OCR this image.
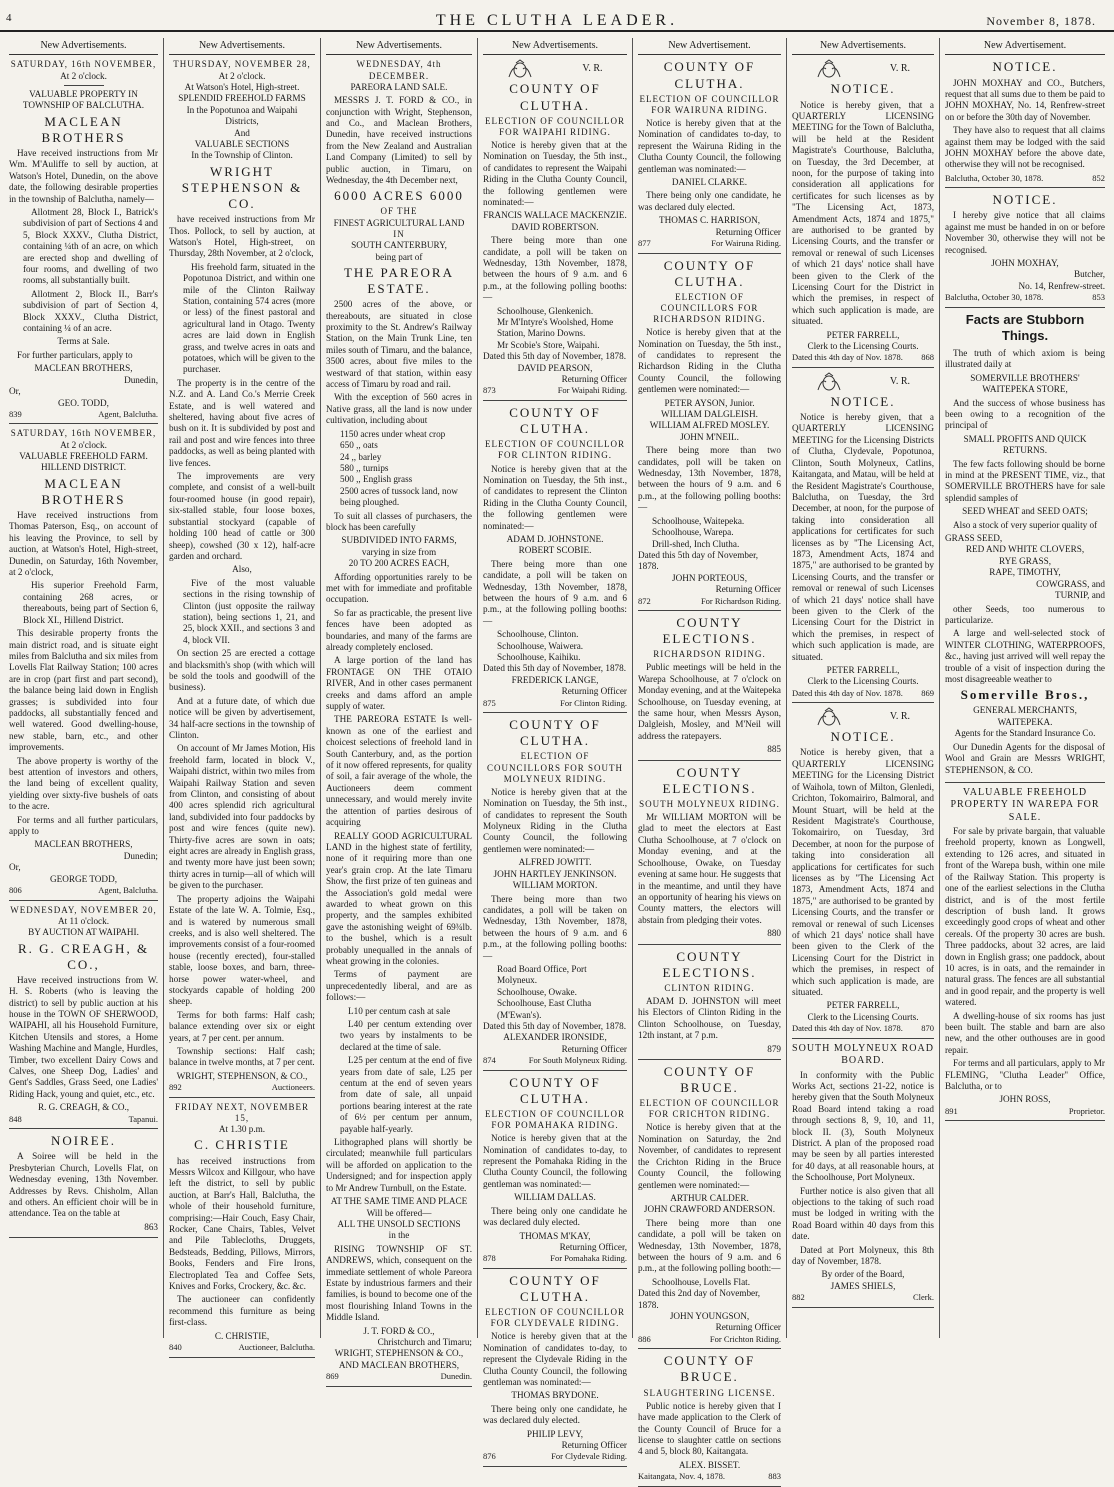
4	THE CLUTHA LEADER.	November 8, 1878.
New Advertisements.
SATURDAY, 16th NOVEMBER,
At 2 o'clock.
VALUABLE PROPERTY IN TOWNSHIP OF BALCLUTHA.
MACLEAN BROTHERS

Have received instructions from Mr Wm. M'Auliffe to sell by auction, at Watson's Hotel, Dunedin, on the above date, the following desirable properties in the township of Balclutha, namely—

Allotment 28, Block I., Batrick's subdivision of part of Sections 4 and 5, Block XXXV., Clutha District, containing ¼th of an acre, on which are erected shop and dwelling of four rooms, and dwelling of two rooms, all substantially built.

Allotment 2, Block II., Barr's subdivision of part of Section 4, Block XXXV., Clutha District, containing ¼ of an acre.

Terms at Sale.

For further particulars, apply to

MACLEAN BROTHERS,
Dunedin,
Or,
GEO. TODD,
839	Agent, Balclutha.
SATURDAY, 16th NOVEMBER,
At 2 o'clock.
VALUABLE FREEHOLD FARM.
HILLEND DISTRICT.
MACLEAN BROTHERS

Have received instructions from Thomas Paterson, Esq., on account of his leaving the Province, to sell by auction, at Watson's Hotel, High-street, Dunedin, on Saturday, 16th November, at 2 o'clock,

His superior Freehold Farm, containing 268 acres, or thereabouts, being part of Section 6, Block XI., Hillend District.

This desirable property fronts the main district road, and is situate eight miles from Balclutha and six miles from Lovells Flat Railway Station; 100 acres are in crop (part first and part second), the balance being laid down in English grasses; is subdivided into four paddocks, all substantially fenced and well watered. Good dwelling-house, new stable, barn, etc., and other improvements.

The above property is worthy of the best attention of investors and others, the land being of excellent quality, yielding over sixty-five bushels of oats to the acre.

For terms and all further particulars, apply to

MACLEAN BROTHERS,
Dunedin;
Or,
GEORGE TODD,
806	Agent, Balclutha.
WEDNESDAY, NOVEMBER 20,
At 11 o'clock.
BY AUCTION AT WAIPAHI.
R. G. CREAGH, & CO.,

Have received instructions from W. H. S. Roberts (who is leaving the district) to sell by public auction at his house in the TOWN OF SHERWOOD, WAIPAHI, all his Household Furniture, Kitchen Utensils and stores, a Home Washing Machine and Mangle, Hurdles, Timber, two excellent Dairy Cows and Calves, one Sheep Dog, Ladies' and Gent's Saddles, Grass Seed, one Ladies' Riding Hack, young and quiet, etc., etc.

R. G. CREAGH, & CO.,
848	Tapanui.
NOIREE.

A Soiree will be held in the Presbyterian Church, Lovells Flat, on Wednesday evening, 13th November. Addresses by Revs. Chisholm, Allan and others. An efficient choir will be in attendance. Tea on the table at

863
New Advertisements.
THURSDAY, NOVEMBER 28,
At 2 o'clock.
At Watson's Hotel, High-street.
SPLENDID FREEHOLD FARMS
In the Popotunoa and Waipahi Districts,
And
VALUABLE SECTIONS
In the Township of Clinton.
WRIGHT STEPHENSON & CO.

have received instructions from Mr Thos. Pollock, to sell by auction, at Watson's Hotel, High-street, on Thursday, 28th November, at 2 o'clock,

His freehold farm, situated in the Popotunoa District, and within one mile of the Clinton Railway Station, containing 574 acres (more or less) of the finest pastoral and agricultural land in Otago. Twenty acres are laid down in English grass, and twelve acres in oats and potatoes, which will be given to the purchaser.

The property is in the centre of the N.Z. and A. Land Co.'s Merrie Creek Estate, and is well watered and sheltered, having about five acres of bush on it. It is subdivided by post and rail and post and wire fences into three paddocks, as well as being planted with live fences.

The improvements are very complete, and consist of a well-built four-roomed house (in good repair), six-stalled stable, four loose boxes, substantial stockyard (capable of holding 100 head of cattle or 300 sheep), cowshed (30 x 12), half-acre garden and orchard.

Also,

Five of the most valuable sections in the rising township of Clinton (just opposite the railway station), being sections 1, 21, and 25, block XXII., and sections 3 and 4, block VII.

On section 25 are erected a cottage and blacksmith's shop (with which will be sold the tools and goodwill of the business).

And at a future date, of which due notice will be given by advertisement, 34 half-acre sections in the township of Clinton.

On account of Mr James Motion, His freehold farm, located in block V., Waipahi district, within two miles from Waipahi Railway Station and seven from Clinton, and consisting of about 400 acres splendid rich agricultural land, subdivided into four paddocks by post and wire fences (quite new). Thirty-five acres are sown in oats; eight acres are already in English grass, and twenty more have just been sown; thirty acres in turnip—all of which will be given to the purchaser.

The property adjoins the Waipahi Estate of the late W. A. Tolmie, Esq., and is watered by numerous small creeks, and is also well sheltered. The improvements consist of a four-roomed house (recently erected), four-stalled stable, loose boxes, and barn, three-horse power water-wheel, and stockyards capable of holding 200 sheep.

Terms for both farms: Half cash; balance extending over six or eight years, at 7 per cent. per annum.

Township sections: Half cash; balance in twelve months, at 7 per cent.

WRIGHT, STEPHENSON, & CO.,
892	Auctioneers.
FRIDAY NEXT, NOVEMBER 15,
At 1.30 p.m.
C. CHRISTIE

has received instructions from Messrs Wilcox and Killgour, who have left the district, to sell by public auction, at Barr's Hall, Balclutha, the whole of their household furniture, comprising:—Hair Couch, Easy Chair, Rocker, Cane Chairs, Tables, Velvet and Pile Tablecloths, Druggets, Bedsteads, Bedding, Pillows, Mirrors, Books, Fenders and Fire Irons, Electroplated Tea and Coffee Sets, Knives and Forks, Crockery, &c. &c.

The auctioneer can confidently recommend this furniture as being first-class.

C. CHRISTIE,
840	Auctioneer, Balclutha.
New Advertisements.
WEDNESDAY, 4th DECEMBER.
PAREORA LAND SALE.

MESSRS J. T. FORD & CO., in conjunction with Wright, Stephenson, and Co., and Maclean Brothers, Dunedin, have received instructions from the New Zealand and Australian Land Company (Limited) to sell by public auction, in Timaru, on Wednesday, the 4th December next,

6000 ACRES 6000
OF THE
FINEST AGRICULTURAL LAND
IN
SOUTH CANTERBURY,
being part of
THE PAREORA ESTATE.

2500 acres of the above, or thereabouts, are situated in close proximity to the St. Andrew's Railway Station, on the Main Trunk Line, ten miles south of Timaru, and the balance, 3500 acres, about five miles to the westward of that station, within easy access of Timaru by road and rail.

With the exception of 560 acres in Native grass, all the land is now under cultivation, including about

1150 acres under wheat crop
650 ,, oats
24 ,, barley
580 ,, turnips
500 ,, English grass
2500 acres of tussock land, now being ploughed.

To suit all classes of purchasers, the block has been carefully

SUBDIVIDED INTO FARMS,
varying in size from
20 TO 200 ACRES EACH,

Affording opportunities rarely to be met with for immediate and profitable occupation.

So far as practicable, the present live fences have been adopted as boundaries, and many of the farms are already completely enclosed.

A large portion of the land has FRONTAGE ON THE OTAIO RIVER, And in other cases permanent creeks and dams afford an ample supply of water.

THE PAREORA ESTATE Is well-known as one of the earliest and choicest selections of freehold land in South Canterbury, and, as the portion of it now offered represents, for quality of soil, a fair average of the whole, the Auctioneers deem comment unnecessary, and would merely invite the attention of parties desirous of acquiring

REALLY GOOD AGRICULTURAL LAND in the highest state of fertility, none of it requiring more than one year's grain crop. At the late Timaru Show, the first prize of ten guineas and the Association's gold medal were awarded to wheat grown on this property, and the samples exhibited gave the astonishing weight of 69¾lb. to the bushel, which is a result probably unequalled in the annals of wheat growing in the colonies.

Terms of payment are unprecedentedly liberal, and are as follows:—

L10 per centum cash at sale

L40 per centum extending over two years by instalments to be declared at the time of sale.

L25 per centum at the end of five years from date of sale, L25 per centum at the end of seven years from date of sale, all unpaid portions bearing interest at the rate of 6½ per centum per annum, payable half-yearly.

Lithographed plans will shortly be circulated; meanwhile full particulars will be afforded on application to the Undersigned; and for inspection apply to Mr Andrew Turnbull, on the Estate.

AT THE SAME TIME AND PLACE
Will be offered—
ALL THE UNSOLD SECTIONS
in the

RISING TOWNSHIP OF ST. ANDREWS, which, consequent on the immediate settlement of whole Pareora Estate by industrious farmers and their families, is bound to become one of the most flourishing Inland Towns in the Middle Island.

J. T. FORD & CO.,
Christchurch and Timaru;
WRIGHT, STEPHENSON & CO.,
AND MACLEAN BROTHERS,
869	Dunedin.
New Advertisements.
V. R.
COUNTY OF CLUTHA.
ELECTION OF COUNCILLOR FOR WAIPAHI RIDING.

Notice is hereby given that at the Nomination on Tuesday, the 5th inst., of candidates to represent the Waipahi Riding in the Clutha County Council, the following gentlemen were nominated:—

FRANCIS WALLACE MACKENZIE.
DAVID ROBERTSON.

There being more than one candidate, a poll will be taken on Wednesday, 13th November, 1878, between the hours of 9 a.m. and 6 p.m., at the following polling booths:—

Schoolhouse, Glenkenich.
Mr M'Intyre's Woolshed, Home Station, Marino Downs.
Mr Scobie's Store, Waipahi.
Dated this 5th day of November, 1878.
DAVID PEARSON,
Returning Officer
873	For Waipahi Riding.
COUNTY OF CLUTHA.
ELECTION OF COUNCILLOR FOR CLINTON RIDING.

Notice is hereby given that at the Nomination on Tuesday, the 5th inst., of candidates to represent the Clinton Riding in the Clutha County Council, the following gentlemen were nominated:—

ADAM D. JOHNSTONE.
ROBERT SCOBIE.

There being more than one candidate, a poll will be taken on Wednesday, 13th November, 1878, between the hours of 9 a.m. and 6 p.m., at the following polling booths:—

Schoolhouse, Clinton.
Schoolhouse, Waiwera.
Schoolhouse, Kaihiku.
Dated this 5th day of November, 1878.
FREDERICK LANGE,
Returning Officer
875	For Clinton Riding.
COUNTY OF CLUTHA.
ELECTION OF COUNCILLORS FOR SOUTH MOLYNEUX RIDING.

Notice is hereby given that at the Nomination on Tuesday, the 5th inst., of candidates to represent the South Molyneux Riding in the Clutha County Council, the following gentlemen were nominated:—

ALFRED JOWITT.
JOHN HARTLEY JENKINSON.
WILLIAM MORTON.

There being more than two candidates, a poll will be taken on Wednesday, 13th November, 1878, between the hours of 9 a.m. and 6 p.m., at the following polling booths:—

Road Board Office, Port Molyneux.
Schoolhouse, Owake.
Schoolhouse, East Clutha (M'Ewan's).
Dated this 5th day of November, 1878.
ALEXANDER IRONSIDE,
Returning Officer
874	For South Molyneux Riding.
COUNTY OF CLUTHA.
ELECTION OF COUNCILLOR FOR POMAHAKA RIDING.

Notice is hereby given that at the Nomination of candidates to-day, to represent the Pomahaka Riding in the Clutha County Council, the following gentleman was nominated:—

WILLIAM DALLAS.

There being only one candidate he was declared duly elected.

THOMAS M'KAY,
Returning Officer,
878	For Pomahaka Riding.
COUNTY OF CLUTHA.
ELECTION OF COUNCILLOR FOR CLYDEVALE RIDING.

Notice is hereby given that at the Nomination of candidates to-day, to represent the Clydevale Riding in the Clutha County Council, the following gentleman was nominated:—

THOMAS BRYDONE.

There being only one candidate, he was declared duly elected.

PHILIP LEVY,
Returning Officer
876	For Clydevale Riding.
New Advertisement.
COUNTY OF CLUTHA.
ELECTION OF COUNCILLOR FOR WAIRUNA RIDING.

Notice is hereby given that at the Nomination of candidates to-day, to represent the Wairuna Riding in the Clutha County Council, the following gentleman was nominated:—

DANIEL CLARKE.

There being only one candidate, he was declared duly elected.

THOMAS C. HARRISON,
Returning Officer
877	For Wairuna Riding.
COUNTY OF CLUTHA.
ELECTION OF COUNCILLORS FOR RICHARDSON RIDING.

Notice is hereby given that at the Nomination on Tuesday, the 5th inst., of candidates to represent the Richardson Riding in the Clutha County Council, the following gentlemen were nominated:—

PETER AYSON, Junior.
WILLIAM DALGLEISH.
WILLIAM ALFRED MOSLEY.
JOHN M'NEIL.

There being more than two candidates, poll will be taken on Wednesday, 13th November, 1878, between the hours of 9 a.m. and 6 p.m., at the following polling booths:—

Schoolhouse, Waitepeka.
Schoolhouse, Warepa.
Drill-shed, Inch Clutha.
Dated this 5th day of November, 1878.
JOHN PORTEOUS,
Returning Officer
872	For Richardson Riding.
COUNTY ELECTIONS.
RICHARDSON RIDING.

Public meetings will be held in the Warepa Schoolhouse, at 7 o'clock on Monday evening, and at the Waitepeka Schoolhouse, on Tuesday evening, at the same hour, when Messrs Ayson, Dalgleish, Mosley, and M'Neil will address the ratepayers.

885
COUNTY ELECTIONS.
SOUTH MOLYNEUX RIDING.

Mr WILLIAM MORTON will be glad to meet the electors at East Clutha Schoolhouse, at 7 o'clock on Monday evening, and at the Schoolhouse, Owake, on Tuesday evening at same hour. He suggests that in the meantime, and until they have an opportunity of hearing his views on County matters, the electors will abstain from pledging their votes.

880
COUNTY ELECTIONS.
CLINTON RIDING.

ADAM D. JOHNSTON will meet his Electors of Clinton Riding in the Clinton Schoolhouse, on Tuesday, 12th instant, at 7 p.m.

879
COUNTY OF BRUCE.
ELECTION OF COUNCILLOR FOR CRICHTON RIDING.

Notice is hereby given that at the Nomination on Saturday, the 2nd November, of candidates to represent the Crichton Riding in the Bruce County Council, the following gentlemen were nominated:—

ARTHUR CALDER.
JOHN CRAWFORD ANDERSON.

There being more than one candidate, a poll will be taken on Wednesday, 13th November, 1878, between the hours of 9 a.m. and 6 p.m., at the following polling booth:—

Schoolhouse, Lovells Flat.
Dated this 2nd day of November, 1878.
JOHN YOUNGSON,
Returning Officer
886	For Crichton Riding.
COUNTY OF BRUCE.
SLAUGHTERING LICENSE.

Public notice is hereby given that I have made application to the Clerk of the County Council of Bruce for a license to slaughter cattle on sections 4 and 5, block 80, Kaitangata.

ALEX. BISSET.
Kaitangata, Nov. 4, 1878.	883
New Advertisements.
V. R.
NOTICE.

Notice is hereby given, that a QUARTERLY LICENSING MEETING for the Town of Balclutha, will be held at the Resident Magistrate's Courthouse, Balclutha, on Tuesday, the 3rd December, at noon, for the purpose of taking into consideration all applications for certificates for such licenses as by "The Licensing Act, 1873, Amendment Acts, 1874 and 1875," are authorised to be granted by Licensing Courts, and the transfer or removal or renewal of such Licenses of which 21 days' notice shall have been given to the Clerk of the Licensing Court for the District in which the premises, in respect of which such application is made, are situated.

PETER FARRELL,
Clerk to the Licensing Courts.
Dated this 4th day of Nov. 1878. 868
V. R.
NOTICE.

Notice is hereby given, that a QUARTERLY LICENSING MEETING for the Licensing Districts of Clutha, Clydevale, Popotunoa, Clinton, South Molyneux, Catlins, Kaitangata, and Matau, will be held at the Resident Magistrate's Courthouse, Balclutha, on Tuesday, the 3rd December, at noon, for the purpose of taking into consideration all applications for certificates for such licenses as by "The Licensing Act, 1873, Amendment Acts, 1874 and 1875," are authorised to be granted by Licensing Courts, and the transfer or removal or renewal of such Licenses of which 21 days' notice shall have been given to the Clerk of the Licensing Court for the District in which the premises, in respect of which such application is made, are situated.

PETER FARRELL,
Clerk to the Licensing Courts.
Dated this 4th day of Nov. 1878. 869
V. R.
NOTICE.

Notice is hereby given, that a QUARTERLY LICENSING MEETING for the Licensing District of Waihola, town of Milton, Glenledi, Crichton, Tokomairiro, Balmoral, and Mount Stuart, will be held at the Resident Magistrate's Courthouse, Tokomairiro, on Tuesday, 3rd December, at noon for the purpose of taking into consideration all applications for certificates for such licenses as by "The Licensing Act 1873, Amendment Acts, 1874 and 1875," are authorised to be granted by Licensing Courts, and the transfer or removal or renewal of such Licenses of which 21 days' notice shall have been given to the Clerk of the Licensing Court for the District in which the premises, in respect of which such application is made, are situated.

PETER FARRELL,
Clerk to the Licensing Courts.
Dated this 4th day of Nov. 1878. 870
SOUTH MOLYNEUX ROAD BOARD.

In conformity with the Public Works Act, sections 21-22, notice is hereby given that the South Molyneux Road Board intend taking a road through sections 8, 9, 10, and 11, block II. (3), South Molyneux District. A plan of the proposed road may be seen by all parties interested for 40 days, at all reasonable hours, at the Schoolhouse, Port Molyneux.

Further notice is also given that all objections to the taking of such road must be lodged in writing with the Road Board within 40 days from this date.

Dated at Port Molyneux, this 8th day of November, 1878.

By order of the Board,
JAMES SHIELS,
882	Clerk.
New Advertisement.
NOTICE.

JOHN MOXHAY and CO., Butchers, request that all sums due to them be paid to JOHN MOXHAY, No. 14, Renfrew-street on or before the 30th day of November.

They have also to request that all claims against them may be lodged with the said JOHN MOXHAY before the above date, otherwise they will not be recognised.

Balclutha, October 30, 1878.	852
NOTICE.

I hereby give notice that all claims against me must be handed in on or before November 30, otherwise they will not be recognised.

JOHN MOXHAY,
Butcher,
No. 14, Renfrew-street.
Balclutha, October 30, 1878.	853
Facts are Stubborn Things.

The truth of which axiom is being illustrated daily at

SOMERVILLE BROTHERS'
WAITEPEKA STORE,

And the success of whose business has been owing to a recognition of the principal of

SMALL PROFITS AND QUICK RETURNS.

The few facts following should be borne in mind at the PRESENT TIME, viz., that SOMERVILLE BROTHERS have for sale splendid samples of

SEED WHEAT and SEED OATS;

Also a stock of very superior quality of

GRASS SEED,
RED AND WHITE CLOVERS,
RYE GRASS,
RAPE, TIMOTHY,
COWGRASS, and
TURNIP, and

other Seeds, too numerous to particularize.

A large and well-selected stock of WINTER CLOTHING, WATERPROOFS, &c., having just arrived will well repay the trouble of a visit of inspection during the most disagreeable weather to

Somerville Bros.,
GENERAL MERCHANTS,
WAITEPEKA.
Agents for the Standard Insurance Co.

Our Dunedin Agents for the disposal of Wool and Grain are Messrs WRIGHT, STEPHENSON, & CO.

VALUABLE FREEHOLD PROPERTY IN WAREPA FOR SALE.

For sale by private bargain, that valuable freehold property, known as Longwell, extending to 126 acres, and situated in front of the Warepa bush, within one mile of the Railway Station. This property is one of the earliest selections in the Clutha district, and is of the most fertile description of bush land. It grows exceedingly good crops of wheat and other cereals. Of the property 30 acres are bush. Three paddocks, about 32 acres, are laid down in English grass; one paddock, about 10 acres, is in oats, and the remainder in natural grass. The fences are all substantial and in good repair, and the property is well watered.

A dwelling-house of six rooms has just been built. The stable and barn are also new, and the other outhouses are in good repair.

For terms and all particulars, apply to Mr FLEMING, "Clutha Leader" Office, Balclutha, or to

JOHN ROSS,
891	Proprietor.
